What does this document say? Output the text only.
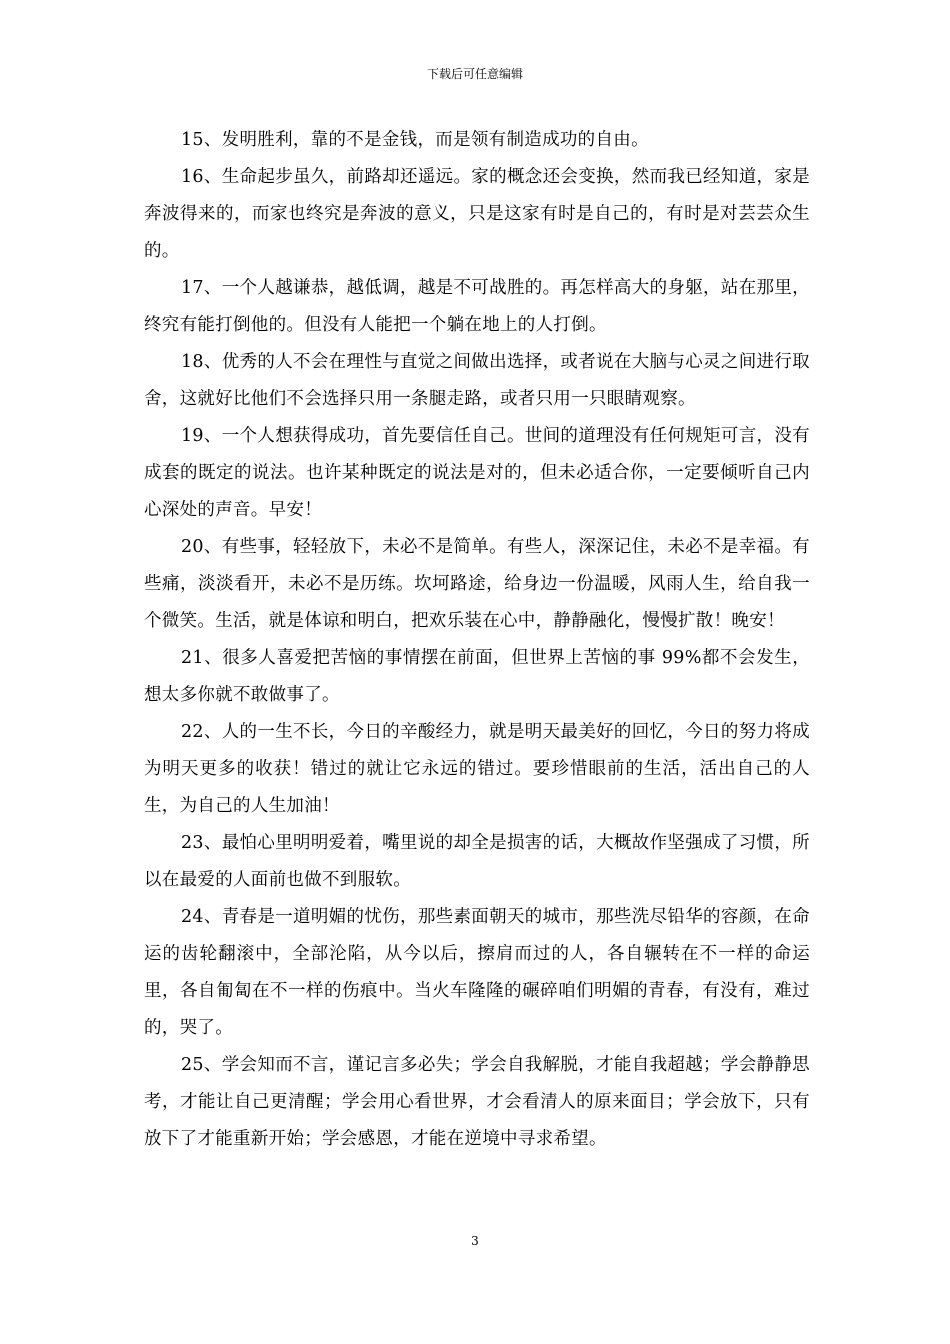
下载后可任意编辑

15、发明胜利，靠的不是金钱，而是领有制造成功的自由。

16、生命起步虽久，前路却还遥远。家的概念还会变换，然而我已经知道，家是奔波得来的，而家也终究是奔波的意义，只是这家有时是自己的，有时是对芸芸众生的。

17、一个人越谦恭，越低调，越是不可战胜的。再怎样高大的身躯，站在那里，终究有能打倒他的。但没有人能把一个躺在地上的人打倒。

18、优秀的人不会在理性与直觉之间做出选择，或者说在大脑与心灵之间进行取舍，这就好比他们不会选择只用一条腿走路，或者只用一只眼睛观察。

19、一个人想获得成功，首先要信任自己。世间的道理没有任何规矩可言，没有成套的既定的说法。也许某种既定的说法是对的，但未必适合你，一定要倾听自己内心深处的声音。早安！

20、有些事，轻轻放下，未必不是简单。有些人，深深记住，未必不是幸福。有些痛，淡淡看开，未必不是历练。坎坷路途，给身边一份温暖，风雨人生，给自我一个微笑。生活，就是体谅和明白，把欢乐装在心中，静静融化，慢慢扩散！晚安！

21、很多人喜爱把苦恼的事情摆在前面，但世界上苦恼的事 99%都不会发生，想太多你就不敢做事了。

22、人的一生不长，今日的辛酸经力，就是明天最美好的回忆，今日的努力将成为明天更多的收获！错过的就让它永远的错过。要珍惜眼前的生活，活出自己的人生，为自己的人生加油！

23、最怕心里明明爱着，嘴里说的却全是损害的话，大概故作坚强成了习惯，所以在最爱的人面前也做不到服软。

24、青春是一道明媚的忧伤，那些素面朝天的城市，那些洗尽铅华的容颜，在命运的齿轮翻滚中，全部沦陷，从今以后，擦肩而过的人，各自辗转在不一样的命运里，各自匍匐在不一样的伤痕中。当火车隆隆的碾碎咱们明媚的青春，有没有，难过的，哭了。

25、学会知而不言，谨记言多必失；学会自我解脱，才能自我超越；学会静静思考，才能让自己更清醒；学会用心看世界，才会看清人的原来面目；学会放下，只有放下了才能重新开始；学会感恩，才能在逆境中寻求希望。

3
